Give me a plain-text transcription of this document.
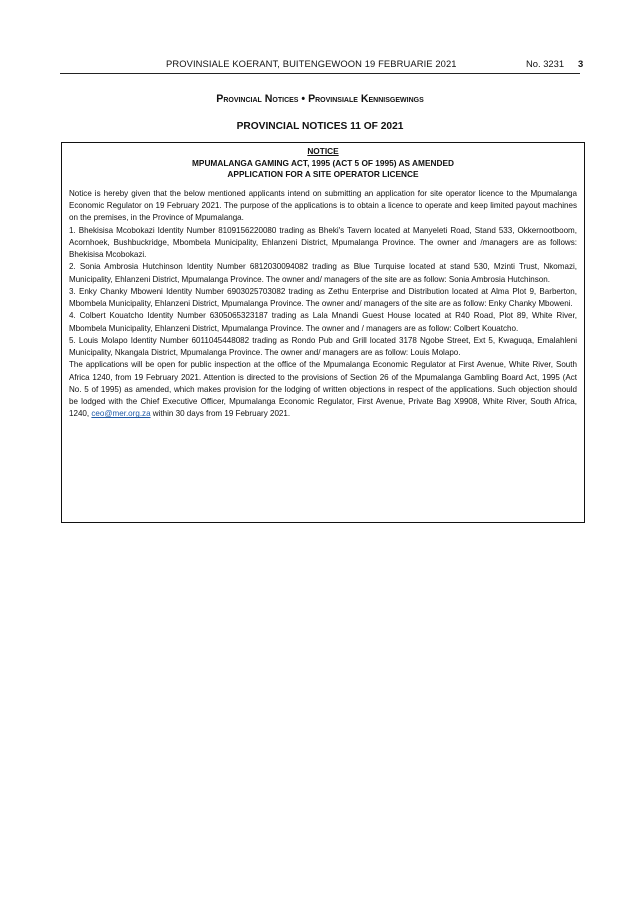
PROVINSIALE KOERANT, BUITENGEWOON 19 FEBRUARIE 2021	No. 3231 3
Provincial Notices • Provinsiale Kennisgewings
PROVINCIAL NOTICES 11 OF 2021
NOTICE
MPUMALANGA GAMING ACT, 1995 (ACT 5 OF 1995) AS AMENDED
APPLICATION FOR A SITE OPERATOR LICENCE

Notice is hereby given that the below mentioned applicants intend on submitting an application for site operator licence to the Mpumalanga Economic Regulator on 19 February 2021. The purpose of the applications is to obtain a licence to operate and keep limited payout machines on the premises, in the Province of Mpumalanga.

1. Bhekisisa Mcobokazi Identity Number 8109156220080 trading as Bheki's Tavern located at Manyeleti Road, Stand 533, Okkernootboom, Acornhoek, Bushbuckridge, Mbombela Municipality, Ehlanzeni District, Mpumalanga Province. The owner and /managers are as follows: Bhekisisa Mcobokazi.

2. Sonia Ambrosia Hutchinson Identity Number 6812030094082 trading as Blue Turquise located at stand 530, Mzinti Trust, Nkomazi, Municipality, Ehlanzeni District, Mpumalanga Province. The owner and/ managers of the site are as follow: Sonia Ambrosia Hutchinson.

3. Enky Chanky Mboweni Identity Number 6903025703082 trading as Zethu Enterprise and Distribution located at Alma Plot 9, Barberton, Mbombela Municipality, Ehlanzeni District, Mpumalanga Province. The owner and/ managers of the site are as follow: Enky Chanky Mboweni.

4. Colbert Kouatcho Identity Number 6305065323187 trading as Lala Mnandi Guest House located at R40 Road, Plot 89, White River, Mbombela Municipality, Ehlanzeni District, Mpumalanga Province. The owner and / managers are as follow: Colbert Kouatcho.

5. Louis Molapo Identity Number 6011045448082 trading as Rondo Pub and Grill located 3178 Ngobe Street, Ext 5, Kwaguqa, Emalahleni Municipality, Nkangala District, Mpumalanga Province. The owner and/ managers are as follow: Louis Molapo.

The applications will be open for public inspection at the office of the Mpumalanga Economic Regulator at First Avenue, White River, South Africa 1240, from 19 February 2021. Attention is directed to the provisions of Section 26 of the Mpumalanga Gambling Board Act, 1995 (Act No. 5 of 1995) as amended, which makes provision for the lodging of written objections in respect of the applications. Such objection should be lodged with the Chief Executive Officer, Mpumalanga Economic Regulator, First Avenue, Private Bag X9908, White River, South Africa, 1240, ceo@mer.org.za within 30 days from 19 February 2021.
